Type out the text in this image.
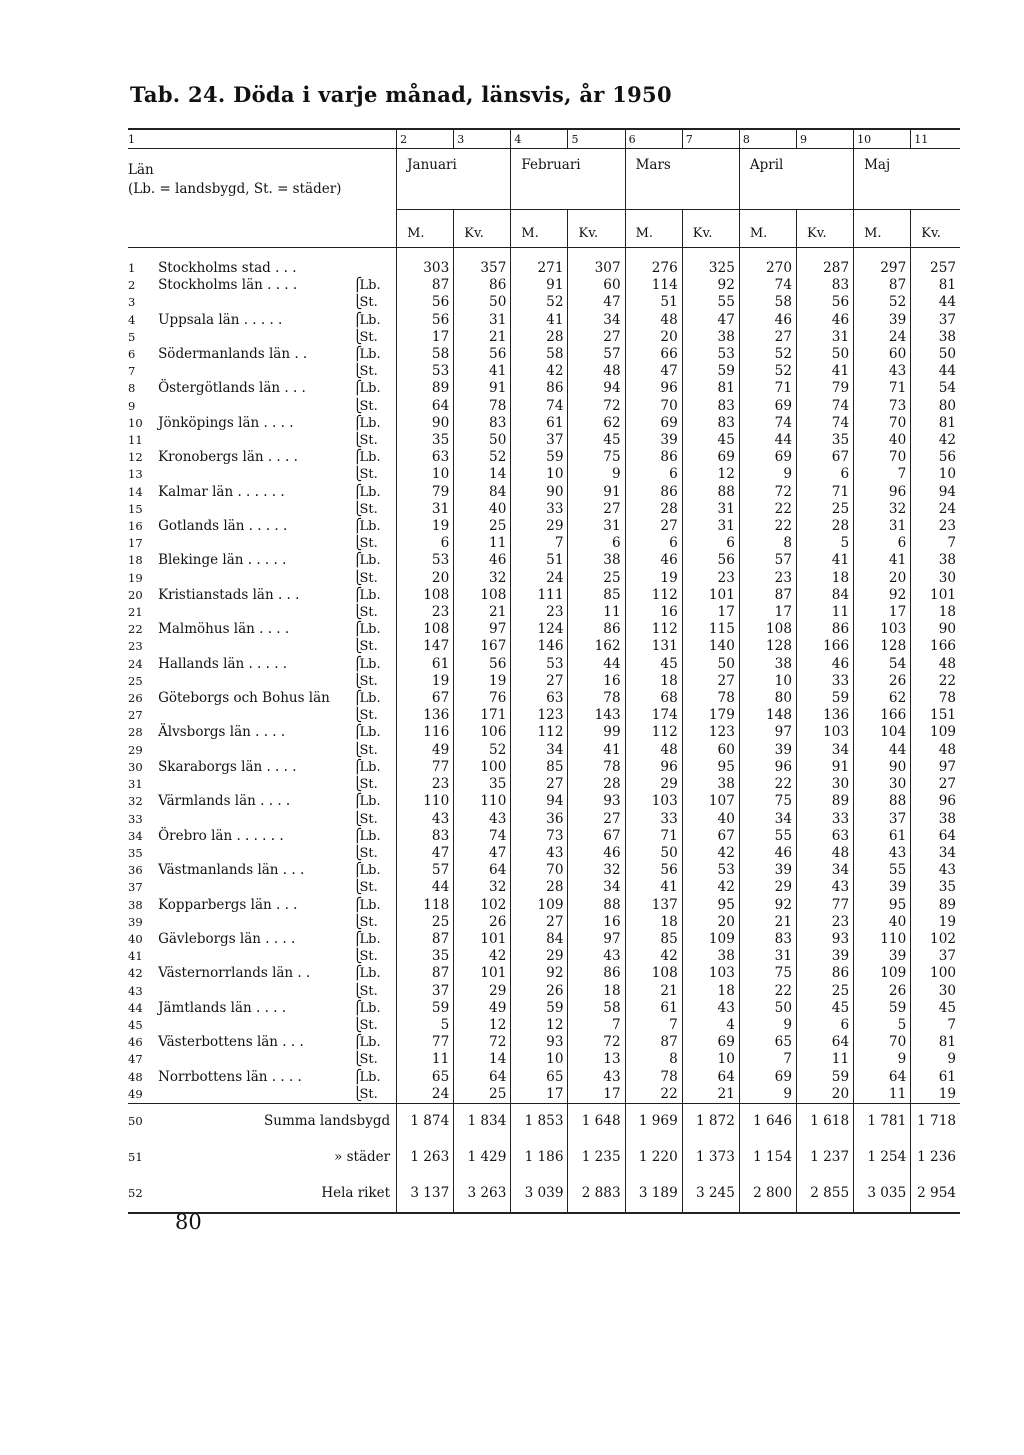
Tab. 24. Döda i varje månad, länsvis, år 1950
1			2	3	4	5	6	7	8	9	10	11

Län
(Lb. = landsbygd, St. = städer)			Januari		Februari		Mars		April		Maj	
			M.	Kv.	M.	Kv.	M.	Kv.	M.	Kv.	M.	Kv.

1	Stockholms stad . . .		303	357	271	307	276	325	270	287	297	257
2	Stockholms län . . . .	⎧Lb.	87	86	91	60	114	92	74	83	87	81
3		⎩St.	56	50	52	47	51	55	58	56	52	44
4	Uppsala län . . . . .	⎧Lb.	56	31	41	34	48	47	46	46	39	37
5		⎩St.	17	21	28	27	20	38	27	31	24	38
6	Södermanlands län . .	⎧Lb.	58	56	58	57	66	53	52	50	60	50
7		⎩St.	53	41	42	48	47	59	52	41	43	44
8	Östergötlands län . . .	⎧Lb.	89	91	86	94	96	81	71	79	71	54
9		⎩St.	64	78	74	72	70	83	69	74	73	80
10	Jönköpings län . . . .	⎧Lb.	90	83	61	62	69	83	74	74	70	81
11		⎩St.	35	50	37	45	39	45	44	35	40	42
12	Kronobergs län . . . .	⎧Lb.	63	52	59	75	86	69	69	67	70	56
13		⎩St.	10	14	10	9	6	12	9	6	7	10
14	Kalmar län . . . . . .	⎧Lb.	79	84	90	91	86	88	72	71	96	94
15		⎩St.	31	40	33	27	28	31	22	25	32	24
16	Gotlands län . . . . .	⎧Lb.	19	25	29	31	27	31	22	28	31	23
17		⎩St.	6	11	7	6	6	6	8	5	6	7
18	Blekinge län . . . . .	⎧Lb.	53	46	51	38	46	56	57	41	41	38
19		⎩St.	20	32	24	25	19	23	23	18	20	30
20	Kristianstads län . . .	⎧Lb.	108	108	111	85	112	101	87	84	92	101
21		⎩St.	23	21	23	11	16	17	17	11	17	18
22	Malmöhus län . . . .	⎧Lb.	108	97	124	86	112	115	108	86	103	90
23		⎩St.	147	167	146	162	131	140	128	166	128	166
24	Hallands län . . . . .	⎧Lb.	61	56	53	44	45	50	38	46	54	48
25		⎩St.	19	19	27	16	18	27	10	33	26	22
26	Göteborgs och Bohus län	⎧Lb.	67	76	63	78	68	78	80	59	62	78
27		⎩St.	136	171	123	143	174	179	148	136	166	151
28	Älvsborgs län . . . .	⎧Lb.	116	106	112	99	112	123	97	103	104	109
29		⎩St.	49	52	34	41	48	60	39	34	44	48
30	Skaraborgs län . . . .	⎧Lb.	77	100	85	78	96	95	96	91	90	97
31		⎩St.	23	35	27	28	29	38	22	30	30	27
32	Värmlands län . . . .	⎧Lb.	110	110	94	93	103	107	75	89	88	96
33		⎩St.	43	43	36	27	33	40	34	33	37	38
34	Örebro län . . . . . .	⎧Lb.	83	74	73	67	71	67	55	63	61	64
35		⎩St.	47	47	43	46	50	42	46	48	43	34
36	Västmanlands län . . .	⎧Lb.	57	64	70	32	56	53	39	34	55	43
37		⎩St.	44	32	28	34	41	42	29	43	39	35
38	Kopparbergs län . . .	⎧Lb.	118	102	109	88	137	95	92	77	95	89
39		⎩St.	25	26	27	16	18	20	21	23	40	19
40	Gävleborgs län . . . .	⎧Lb.	87	101	84	97	85	109	83	93	110	102
41		⎩St.	35	42	29	43	42	38	31	39	39	37
42	Västernorrlands län . .	⎧Lb.	87	101	92	86	108	103	75	86	109	100
43		⎩St.	37	29	26	18	21	18	22	25	26	30
44	Jämtlands län . . . .	⎧Lb.	59	49	59	58	61	43	50	45	59	45
45		⎩St.	5	12	12	7	7	4	9	6	5	7
46	Västerbottens län . . .	⎧Lb.	77	72	93	72	87	69	65	64	70	81
47		⎩St.	11	14	10	13	8	10	7	11	9	9
48	Norrbottens län . . . .	⎧Lb.	65	64	65	43	78	64	69	59	64	61
49		⎩St.	24	25	17	17	22	21	9	20	11	19
50	Summa landsbygd		1 874	1 834	1 853	1 648	1 969	1 872	1 646	1 618	1 781	1 718
51	» städer		1 263	1 429	1 186	1 235	1 220	1 373	1 154	1 237	1 254	1 236
52	Hela riket		3 137	3 263	3 039	2 883	3 189	3 245	2 800	2 855	3 035	2 954

80
